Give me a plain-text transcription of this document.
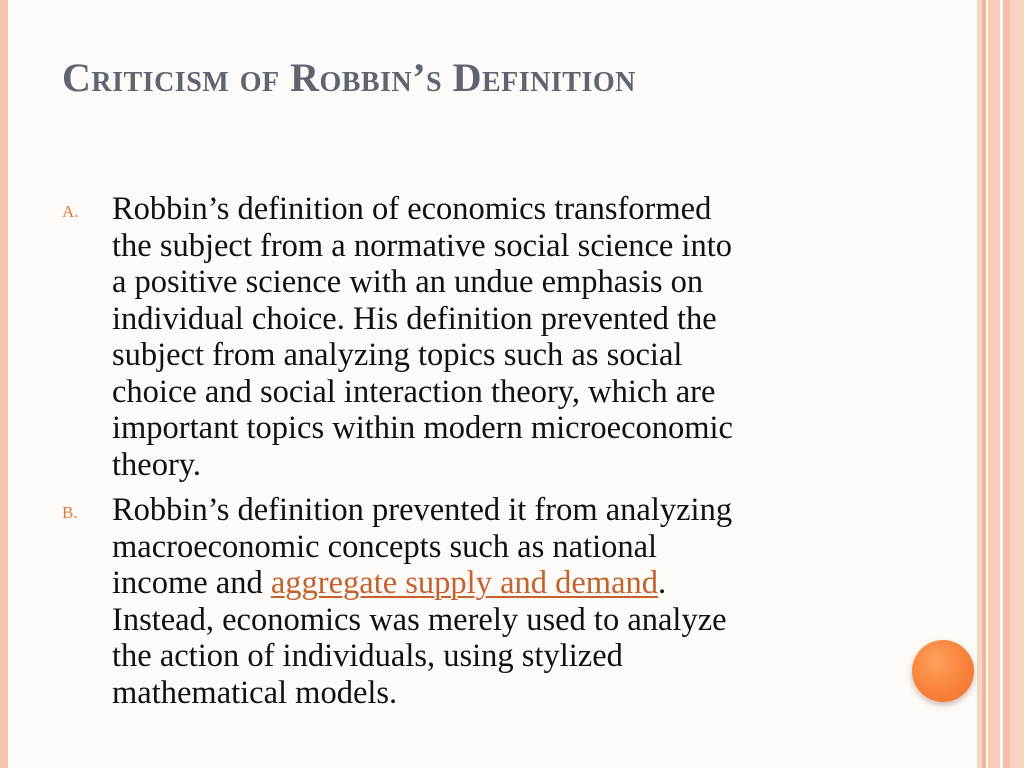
Criticism of Robbin’s Definition
A. Robbin’s definition of economics transformed
the subject from a normative social science into
a positive science with an undue emphasis on
individual choice. His definition prevented the
subject from analyzing topics such as social
choice and social interaction theory, which are
important topics within modern microeconomic
theory.
B. Robbin’s definition prevented it from analyzing
macroeconomic concepts such as national
income and aggregate supply and demand.
Instead, economics was merely used to analyze
the action of individuals, using stylized
mathematical models.
